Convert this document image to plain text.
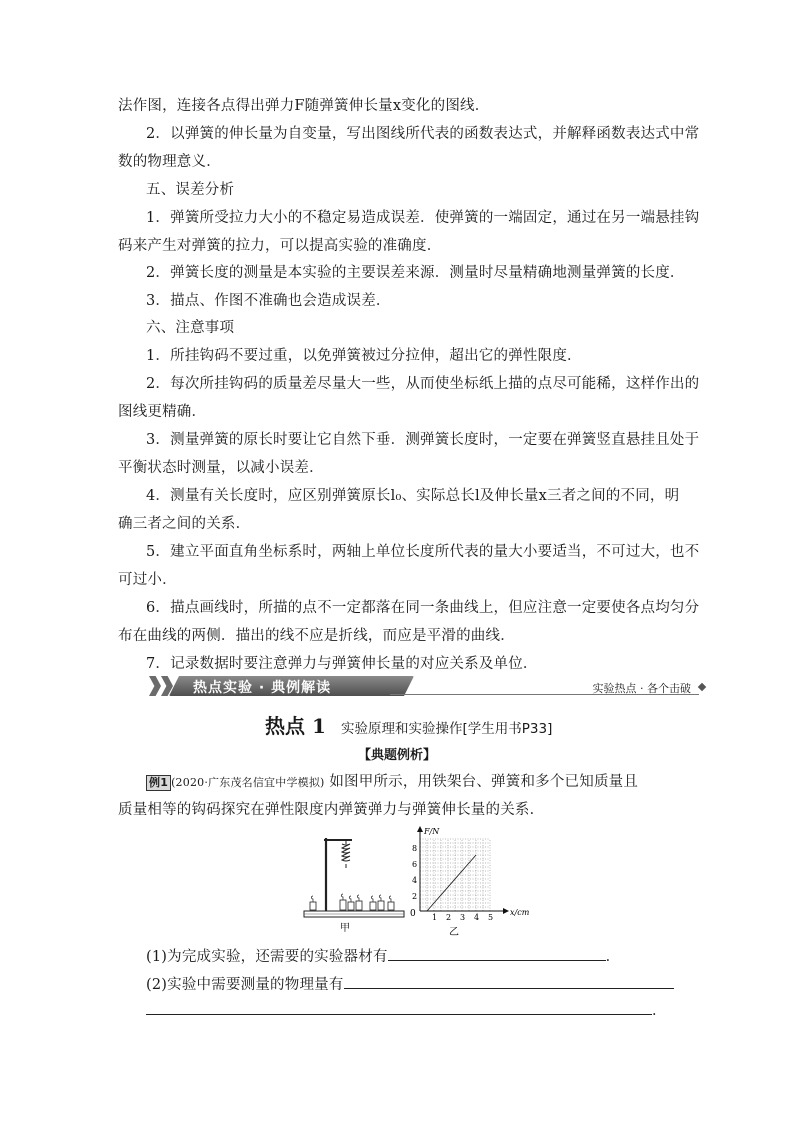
法作图，连接各点得出弹力F随弹簧伸长量x变化的图线．
2．以弹簧的伸长量为自变量，写出图线所代表的函数表达式，并解释函数表达式中常
数的物理意义．
五、误差分析
1．弹簧所受拉力大小的不稳定易造成误差．使弹簧的一端固定，通过在另一端悬挂钩
码来产生对弹簧的拉力，可以提高实验的准确度．
2．弹簧长度的测量是本实验的主要误差来源．测量时尽量精确地测量弹簧的长度．
3．描点、作图不准确也会造成误差．
六、注意事项
1．所挂钩码不要过重，以免弹簧被过分拉伸，超出它的弹性限度．
2．每次所挂钩码的质量差尽量大一些，从而使坐标纸上描的点尽可能稀，这样作出的
图线更精确．
3．测量弹簧的原长时要让它自然下垂．测弹簧长度时，一定要在弹簧竖直悬挂且处于
平衡状态时测量，以减小误差．
4．测量有关长度时，应区别弹簧原长l₀、实际总长l及伸长量x三者之间的不同，明
确三者之间的关系．
5．建立平面直角坐标系时，两轴上单位长度所代表的量大小要适当，不可过大，也不
可过小．
6．描点画线时，所描的点不一定都落在同一条曲线上，但应注意一定要使各点均匀分
布在曲线的两侧．描出的线不应是折线，而应是平滑的曲线．
7．记录数据时要注意弹力与弹簧伸长量的对应关系及单位．
热点实验 · 典例解读	实验热点 · 各个击破
热点 1 实验原理和实验操作[学生用书P33]
【典题例析】
例1 (2020·广东茂名信宜中学模拟) 如图甲所示，用铁架台、弹簧和多个已知质量且
质量相等的钩码探究在弹性限度内弹簧弹力与弹簧伸长量的关系．
甲
F/N
x/cm
0
2
4
6
8
1 2 3 4 5
乙
(1)为完成实验，还需要的实验器材有	．
(2)实验中需要测量的物理量有
．
